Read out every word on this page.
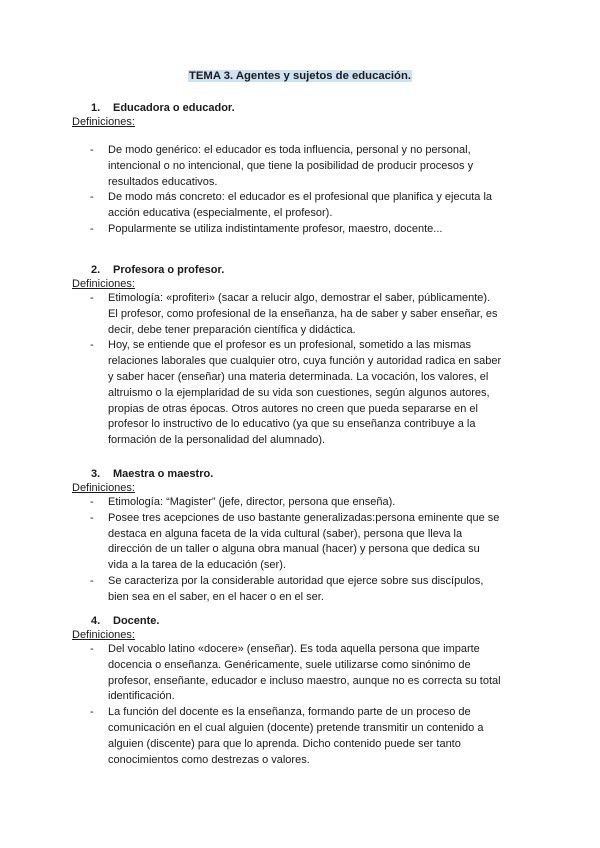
TEMA 3. Agentes y sujetos de educación.
1.	Educadora o educador.
Definiciones:
- De modo genérico: el educador es toda influencia, personal y no personal, intencional o no intencional, que tiene la posibilidad de producir procesos y resultados educativos.
- De modo más concreto: el educador es el profesional que planifica y ejecuta la acción educativa (especialmente, el profesor).
- Popularmente se utiliza indistintamente profesor, maestro, docente...
2.	Profesora o profesor.
Definiciones:
- Etimología: «profiteri» (sacar a relucir algo, demostrar el saber, públicamente). El profesor, como profesional de la enseñanza, ha de saber y saber enseñar, es decir, debe tener preparación científica y didáctica.
- Hoy, se entiende que el profesor es un profesional, sometido a las mismas relaciones laborales que cualquier otro, cuya función y autoridad radica en saber y saber hacer (enseñar) una materia determinada. La vocación, los valores, el altruismo o la ejemplaridad de su vida son cuestiones, según algunos autores, propias de otras épocas. Otros autores no creen que pueda separarse en el profesor lo instructivo de lo educativo (ya que su enseñanza contribuye a la formación de la personalidad del alumnado).
3.	Maestra o maestro.
Definiciones:
- Etimología: “Magister” (jefe, director, persona que enseña).
- Posee tres acepciones de uso bastante generalizadas:persona eminente que se destaca en alguna faceta de la vida cultural (saber), persona que lleva la dirección de un taller o alguna obra manual (hacer) y persona que dedica su vida a la tarea de la educación (ser).
- Se caracteriza por la considerable autoridad que ejerce sobre sus discípulos, bien sea en el saber, en el hacer o en el ser.
4.	Docente.
Definiciones:
- Del vocablo latino «docere» (enseñar). Es toda aquella persona que imparte docencia o enseñanza. Genéricamente, suele utilizarse como sinónimo de profesor, enseñante, educador e incluso maestro, aunque no es correcta su total identificación.
- La función del docente es la enseñanza, formando parte de un proceso de comunicación en el cual alguien (docente) pretende transmitir un contenido a alguien (discente) para que lo aprenda. Dicho contenido puede ser tanto conocimientos como destrezas o valores.
